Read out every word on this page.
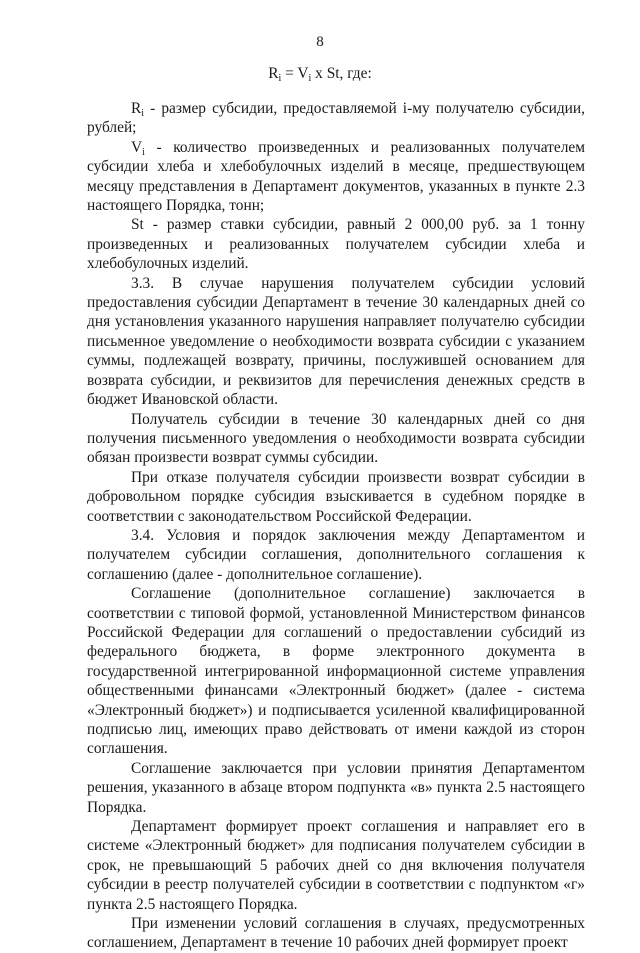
8
$R_i = V_i$ x St, где:

$R_i$ - размер субсидии, предоставляемой i-му получателю субсидии, рублей;

$V_i$ - количество произведенных и реализованных получателем субсидии хлеба и хлебобулочных изделий в месяце, предшествующем месяцу представления в Департамент документов, указанных в пункте 2.3 настоящего Порядка, тонн;

St - размер ставки субсидии, равный 2 000,00 руб. за 1 тонну произведенных и реализованных получателем субсидии хлеба и хлебобулочных изделий.

3.3. В случае нарушения получателем субсидии условий предоставления субсидии Департамент в течение 30 календарных дней со дня установления указанного нарушения направляет получателю субсидии письменное уведомление о необходимости возврата субсидии с указанием суммы, подлежащей возврату, причины, послужившей основанием для возврата субсидии, и реквизитов для перечисления денежных средств в бюджет Ивановской области.

Получатель субсидии в течение 30 календарных дней со дня получения письменного уведомления о необходимости возврата субсидии обязан произвести возврат суммы субсидии.

При отказе получателя субсидии произвести возврат субсидии в добровольном порядке субсидия взыскивается в судебном порядке в соответствии с законодательством Российской Федерации.

3.4. Условия и порядок заключения между Департаментом и получателем субсидии соглашения, дополнительного соглашения к соглашению (далее - дополнительное соглашение).

Соглашение (дополнительное соглашение) заключается в соответствии с типовой формой, установленной Министерством финансов Российской Федерации для соглашений о предоставлении субсидий из федерального бюджета, в форме электронного документа в государственной интегрированной информационной системе управления общественными финансами «Электронный бюджет» (далее - система «Электронный бюджет») и подписывается усиленной квалифицированной подписью лиц, имеющих право действовать от имени каждой из сторон соглашения.

Соглашение заключается при условии принятия Департаментом решения, указанного в абзаце втором подпункта «в» пункта 2.5 настоящего Порядка.

Департамент формирует проект соглашения и направляет его в системе «Электронный бюджет» для подписания получателем субсидии в срок, не превышающий 5 рабочих дней со дня включения получателя субсидии в реестр получателей субсидии в соответствии с подпунктом «г» пункта 2.5 настоящего Порядка.

При изменении условий соглашения в случаях, предусмотренных соглашением, Департамент в течение 10 рабочих дней формирует проект
